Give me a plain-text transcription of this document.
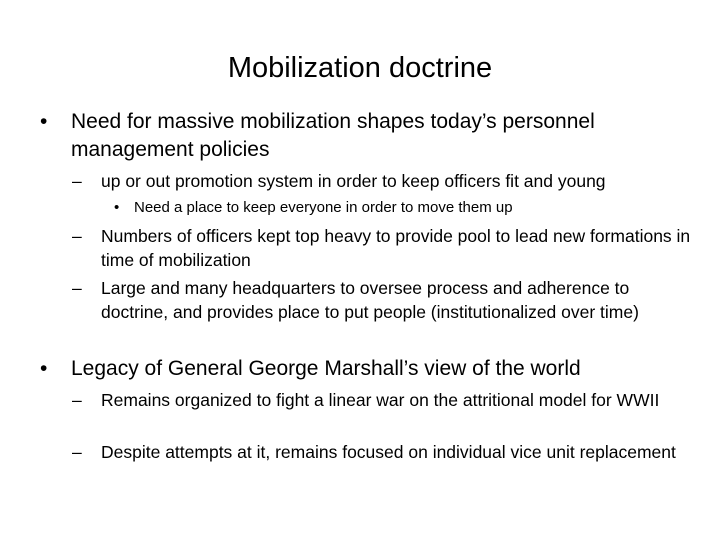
Mobilization doctrine
•	Need for massive mobilization shapes today’s personnel management policies
–	up or out promotion system in order to keep officers fit and young
• Need a place to keep everyone in order to move them up
–	Numbers of officers kept top heavy to provide pool to lead new formations in time of mobilization
–	Large and many headquarters to oversee process and adherence to doctrine, and provides place to put people (institutionalized over time)
•	Legacy of General George Marshall’s view of the world
–	Remains organized to fight a linear war on the attritional model for WWII
–	Despite attempts at it, remains focused on individual vice unit replacement
